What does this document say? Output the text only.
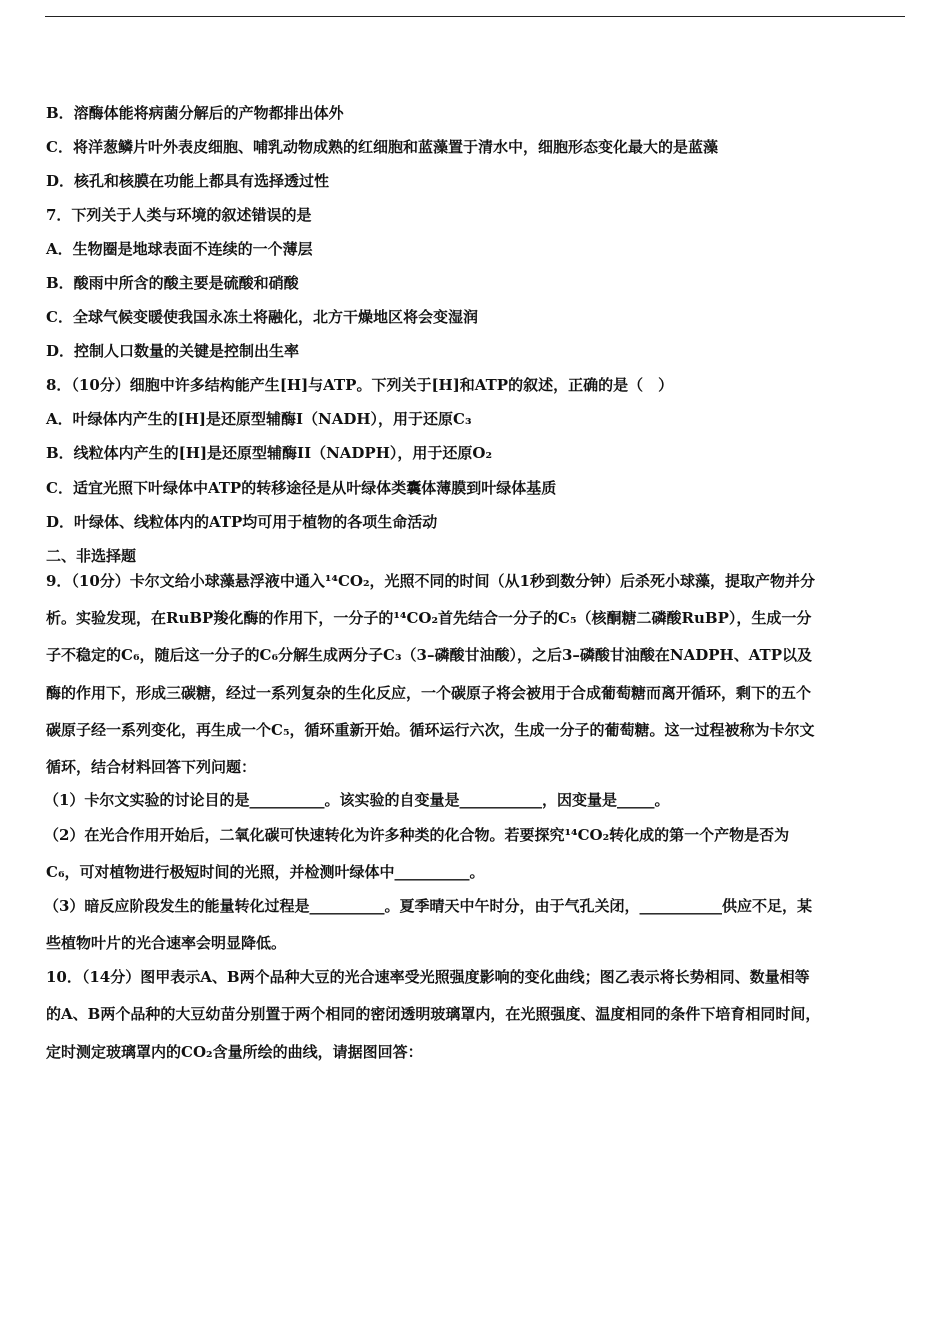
B．溶酶体能将病菌分解后的产物都排出体外
C．将洋葱鳞片叶外表皮细胞、哺乳动物成熟的红细胞和蓝藻置于清水中，细胞形态变化最大的是蓝藻
D．核孔和核膜在功能上都具有选择透过性
7．下列关于人类与环境的叙述错误的是
A．生物圈是地球表面不连续的一个薄层
B．酸雨中所含的酸主要是硫酸和硝酸
C．全球气候变暖使我国永冻土将融化，北方干燥地区将会变湿润
D．控制人口数量的关键是控制出生率
8．（10分）细胞中许多结构能产生[H]与ATP。下列关于[H]和ATP的叙述，正确的是（　）
A．叶绿体内产生的[H]是还原型辅酶I（NADH），用于还原C₃
B．线粒体内产生的[H]是还原型辅酶II（NADPH），用于还原O₂
C．适宜光照下叶绿体中ATP的转移途径是从叶绿体类囊体薄膜到叶绿体基质
D．叶绿体、线粒体内的ATP均可用于植物的各项生命活动
二、非选择题
9．（10分）卡尔文给小球藻悬浮液中通入¹⁴CO₂，光照不同的时间（从1秒到数分钟）后杀死小球藻，提取产物并分
析。实验发现，在RuBP羧化酶的作用下，一分子的¹⁴CO₂首先结合一分子的C₅（核酮糖二磷酸RuBP），生成一分
子不稳定的C₆，随后这一分子的C₆分解生成两分子C₃（3–磷酸甘油酸），之后3–磷酸甘油酸在NADPH、ATP以及
酶的作用下，形成三碳糖，经过一系列复杂的生化反应，一个碳原子将会被用于合成葡萄糖而离开循环，剩下的五个
碳原子经一系列变化，再生成一个C₅，循环重新开始。循环运行六次，生成一分子的葡萄糖。这一过程被称为卡尔文
循环，结合材料回答下列问题：
（1）卡尔文实验的讨论目的是__________。该实验的自变量是___________，因变量是_____。
（2）在光合作用开始后，二氧化碳可快速转化为许多种类的化合物。若要探究¹⁴CO₂转化成的第一个产物是否为
C₆，可对植物进行极短时间的光照，并检测叶绿体中__________。
（3）暗反应阶段发生的能量转化过程是__________。夏季晴天中午时分，由于气孔关闭，___________供应不足，某
些植物叶片的光合速率会明显降低。
10．（14分）图甲表示A、B两个品种大豆的光合速率受光照强度影响的变化曲线；图乙表示将长势相同、数量相等
的A、B两个品种的大豆幼苗分别置于两个相同的密闭透明玻璃罩内，在光照强度、温度相同的条件下培育相同时间，
定时测定玻璃罩内的CO₂含量所绘的曲线，请据图回答：
